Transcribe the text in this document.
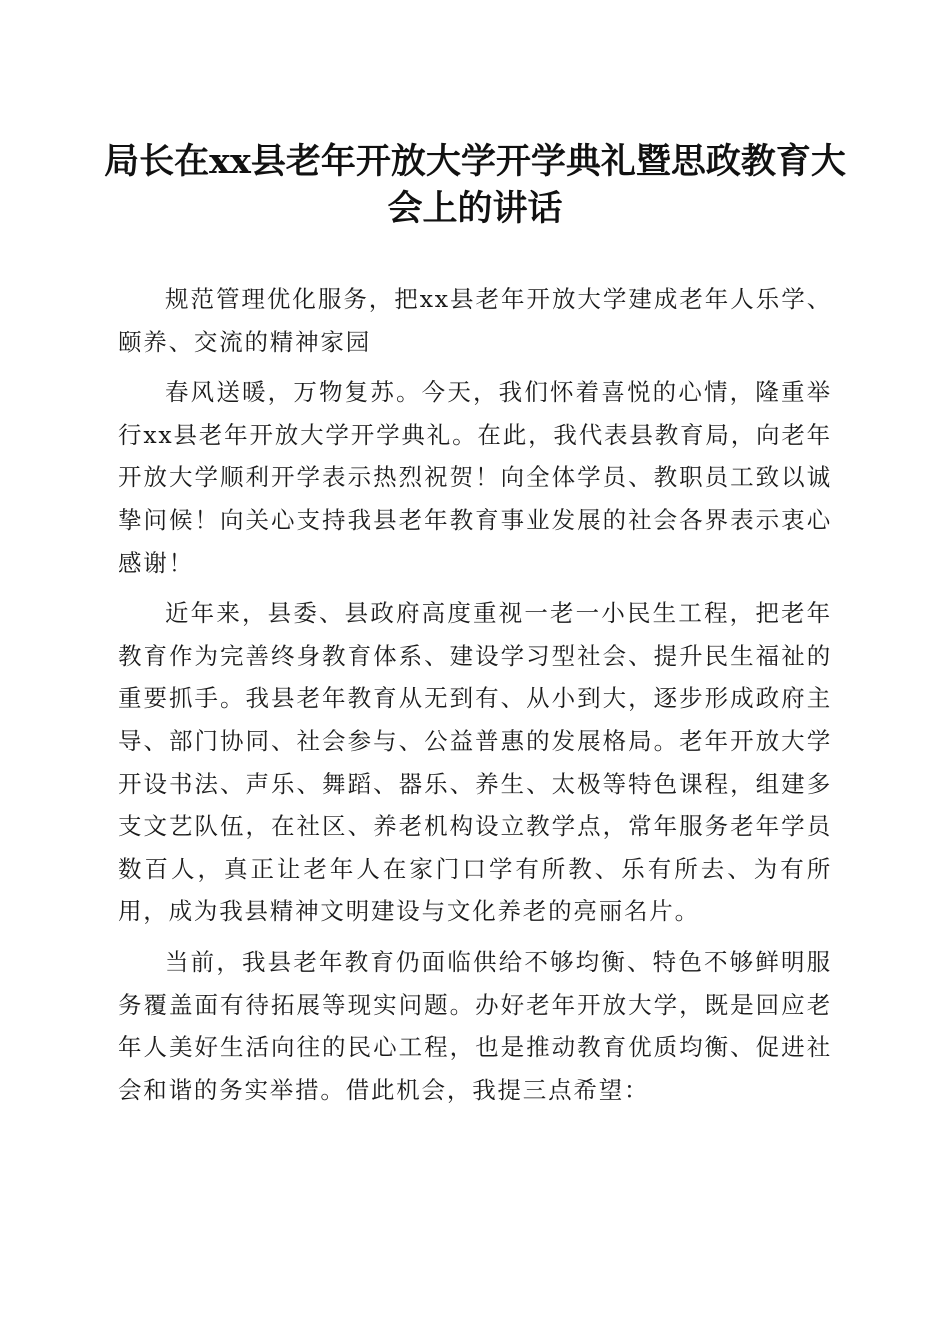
局长在xx县老年开放大学开学典礼暨思政教育大会上的讲话

规范管理优化服务，把xx县老年开放大学建成老年人乐学、颐养、交流的精神家园

春风送暖，万物复苏。今天，我们怀着喜悦的心情，隆重举行xx县老年开放大学开学典礼。在此，我代表县教育局，向老年开放大学顺利开学表示热烈祝贺！向全体学员、教职员工致以诚挚问候！向关心支持我县老年教育事业发展的社会各界表示衷心感谢！

近年来，县委、县政府高度重视一老一小民生工程，把老年教育作为完善终身教育体系、建设学习型社会、提升民生福祉的重要抓手。我县老年教育从无到有、从小到大，逐步形成政府主导、部门协同、社会参与、公益普惠的发展格局。老年开放大学开设书法、声乐、舞蹈、器乐、养生、太极等特色课程，组建多支文艺队伍，在社区、养老机构设立教学点，常年服务老年学员数百人，真正让老年人在家门口学有所教、乐有所去、为有所用，成为我县精神文明建设与文化养老的亮丽名片。

当前，我县老年教育仍面临供给不够均衡、特色不够鲜明服务覆盖面有待拓展等现实问题。办好老年开放大学，既是回应老年人美好生活向往的民心工程，也是推动教育优质均衡、促进社会和谐的务实举措。借此机会，我提三点希望：
